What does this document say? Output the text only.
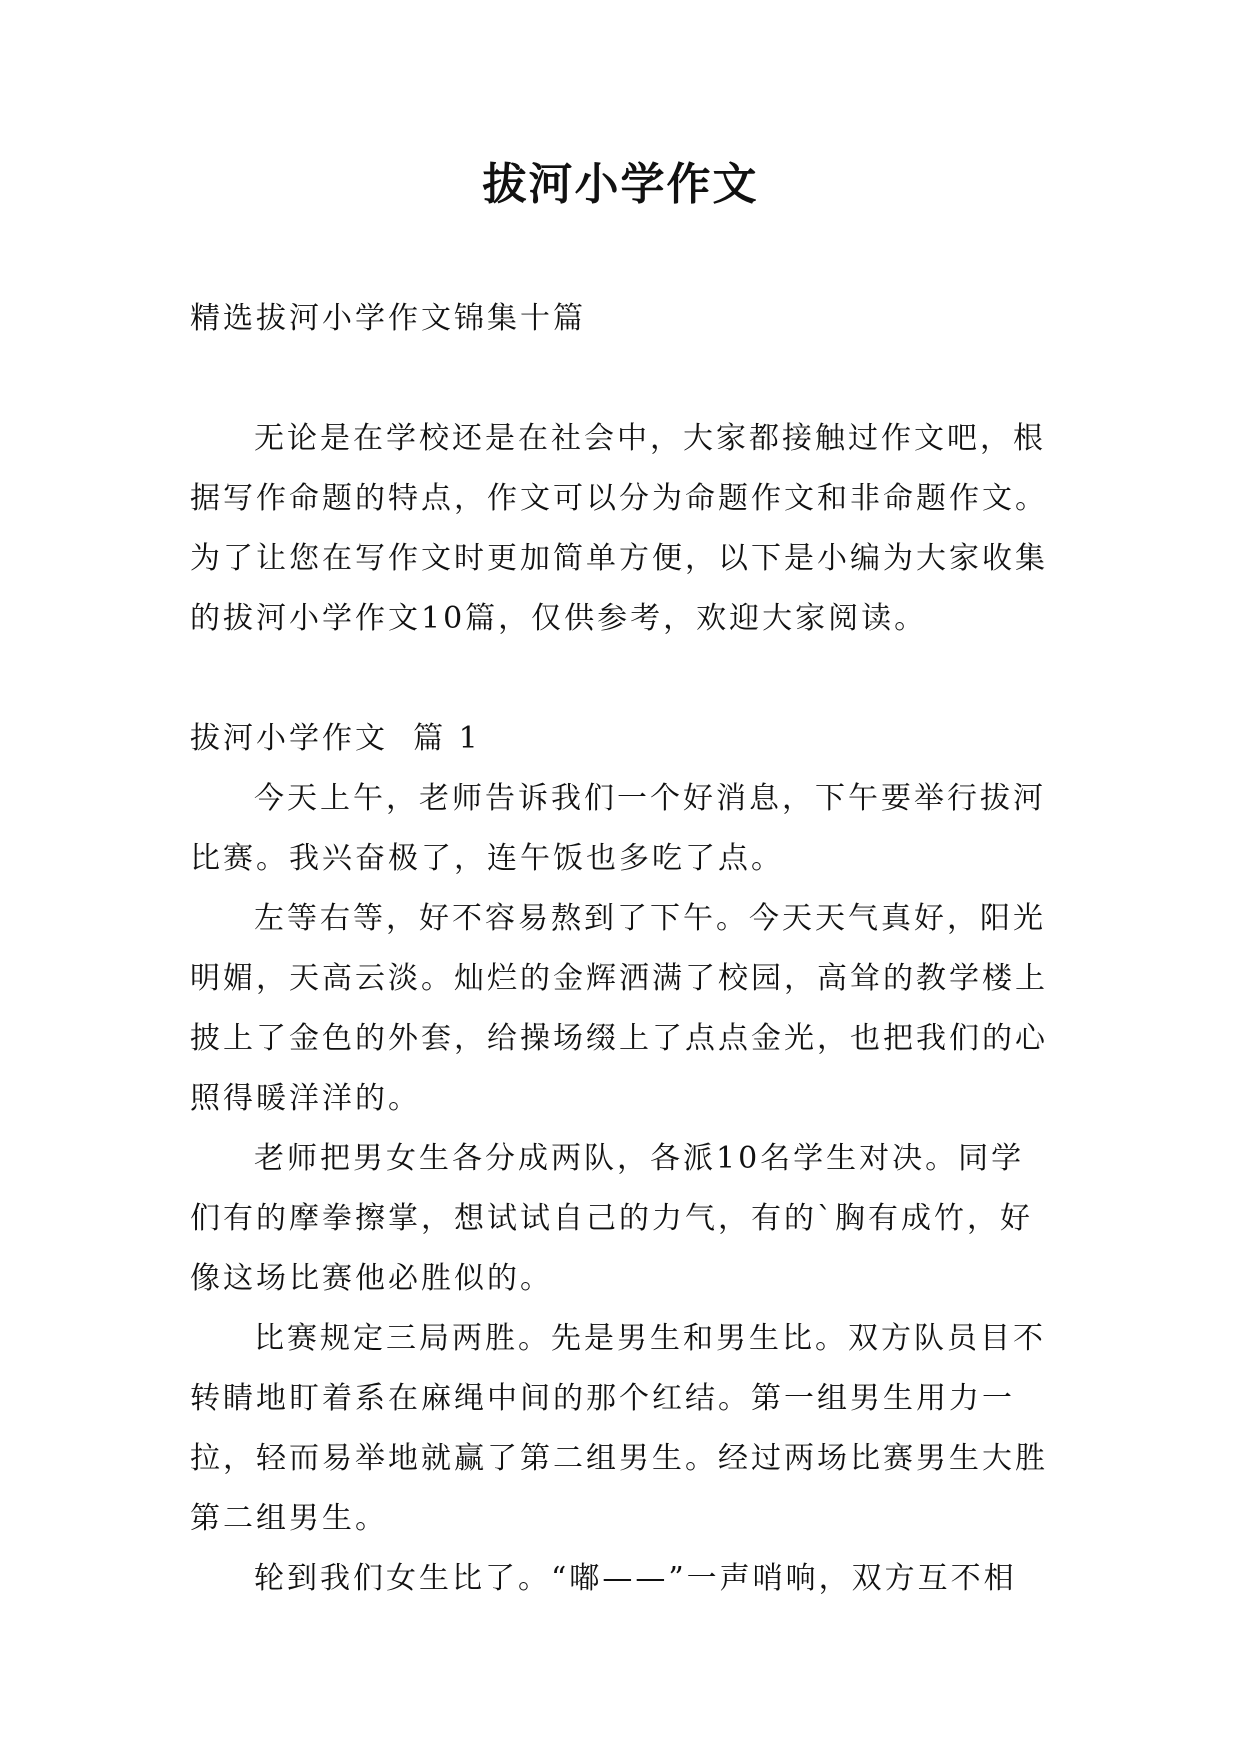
拔河小学作文

精选拔河小学作文锦集十篇

无论是在学校还是在社会中，大家都接触过作文吧，根据写作命题的特点，作文可以分为命题作文和非命题作文。为了让您在写作文时更加简单方便，以下是小编为大家收集的拔河小学作文10篇，仅供参考，欢迎大家阅读。

拔河小学作文  篇 1

今天上午，老师告诉我们一个好消息，下午要举行拔河比赛。我兴奋极了，连午饭也多吃了点。

左等右等，好不容易熬到了下午。今天天气真好，阳光明媚，天高云淡。灿烂的金辉洒满了校园，高耸的教学楼上披上了金色的外套，给操场缀上了点点金光，也把我们的心照得暖洋洋的。

老师把男女生各分成两队，各派10名学生对决。同学们有的摩拳擦掌，想试试自己的力气，有的`胸有成竹，好像这场比赛他必胜似的。

比赛规定三局两胜。先是男生和男生比。双方队员目不转睛地盯着系在麻绳中间的那个红结。第一组男生用力一拉，轻而易举地就赢了第二组男生。经过两场比赛男生大胜第二组男生。

轮到我们女生比了。“嘟——”一声哨响，双方互不相
